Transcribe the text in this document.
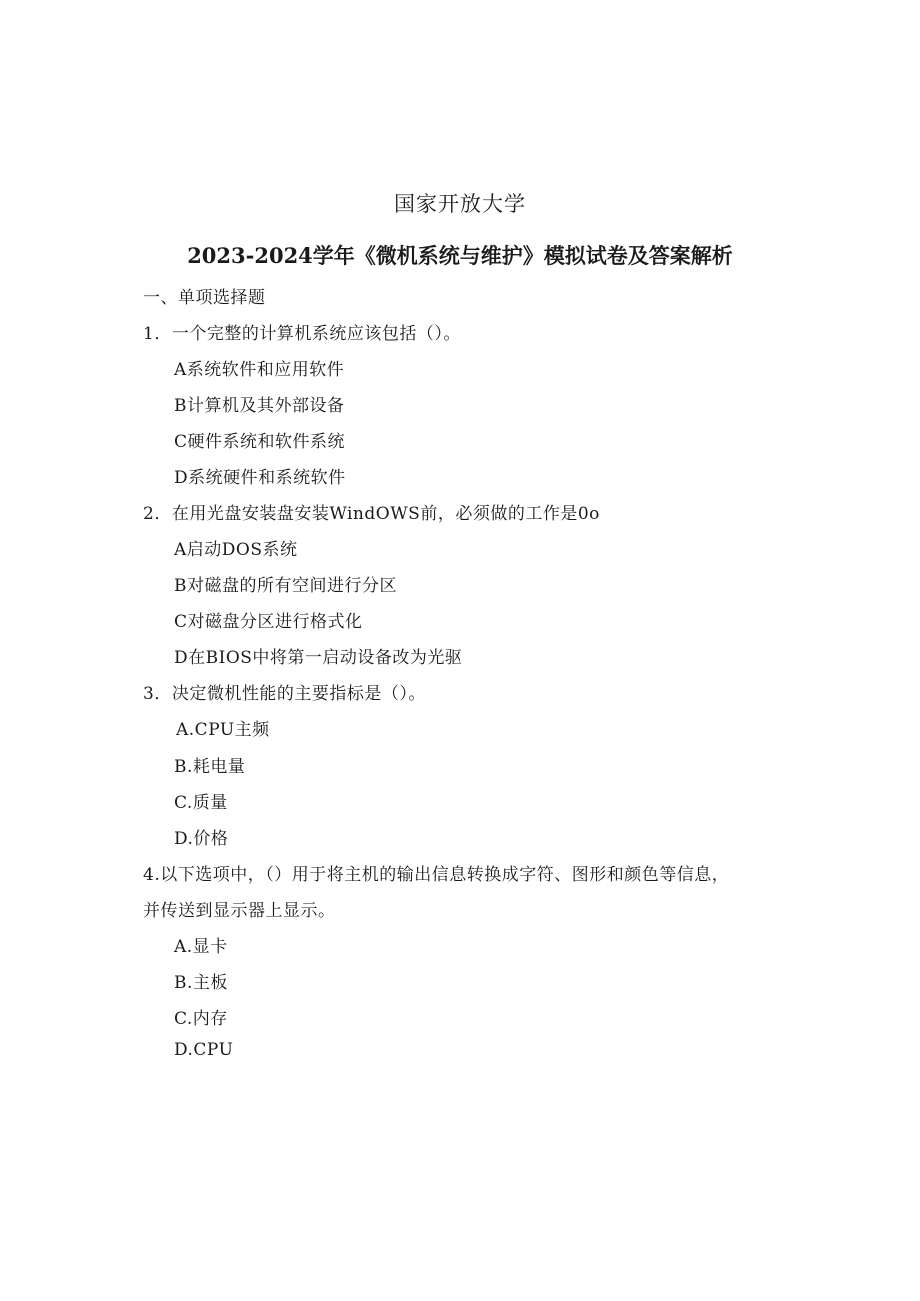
国家开放大学
2023-2024学年《微机系统与维护》模拟试卷及答案解析
一、单项选择题
1．一个完整的计算机系统应该包括（）。
A系统软件和应用软件
B计算机及其外部设备
C硬件系统和软件系统
D系统硬件和系统软件
2．在用光盘安装盘安装WindOWS前，必须做的工作是0o
A启动DOS系统
B对磁盘的所有空间进行分区
C对磁盘分区进行格式化
D在BIOS中将第一启动设备改为光驱
3．决定微机性能的主要指标是（）。
A.CPU主频
B.耗电量
C.质量
D.价格
4.以下选项中，（）用于将主机的输出信息转换成字符、图形和颜色等信息，
并传送到显示器上显示。
A.显卡
B.主板
C.内存
D.CPU
